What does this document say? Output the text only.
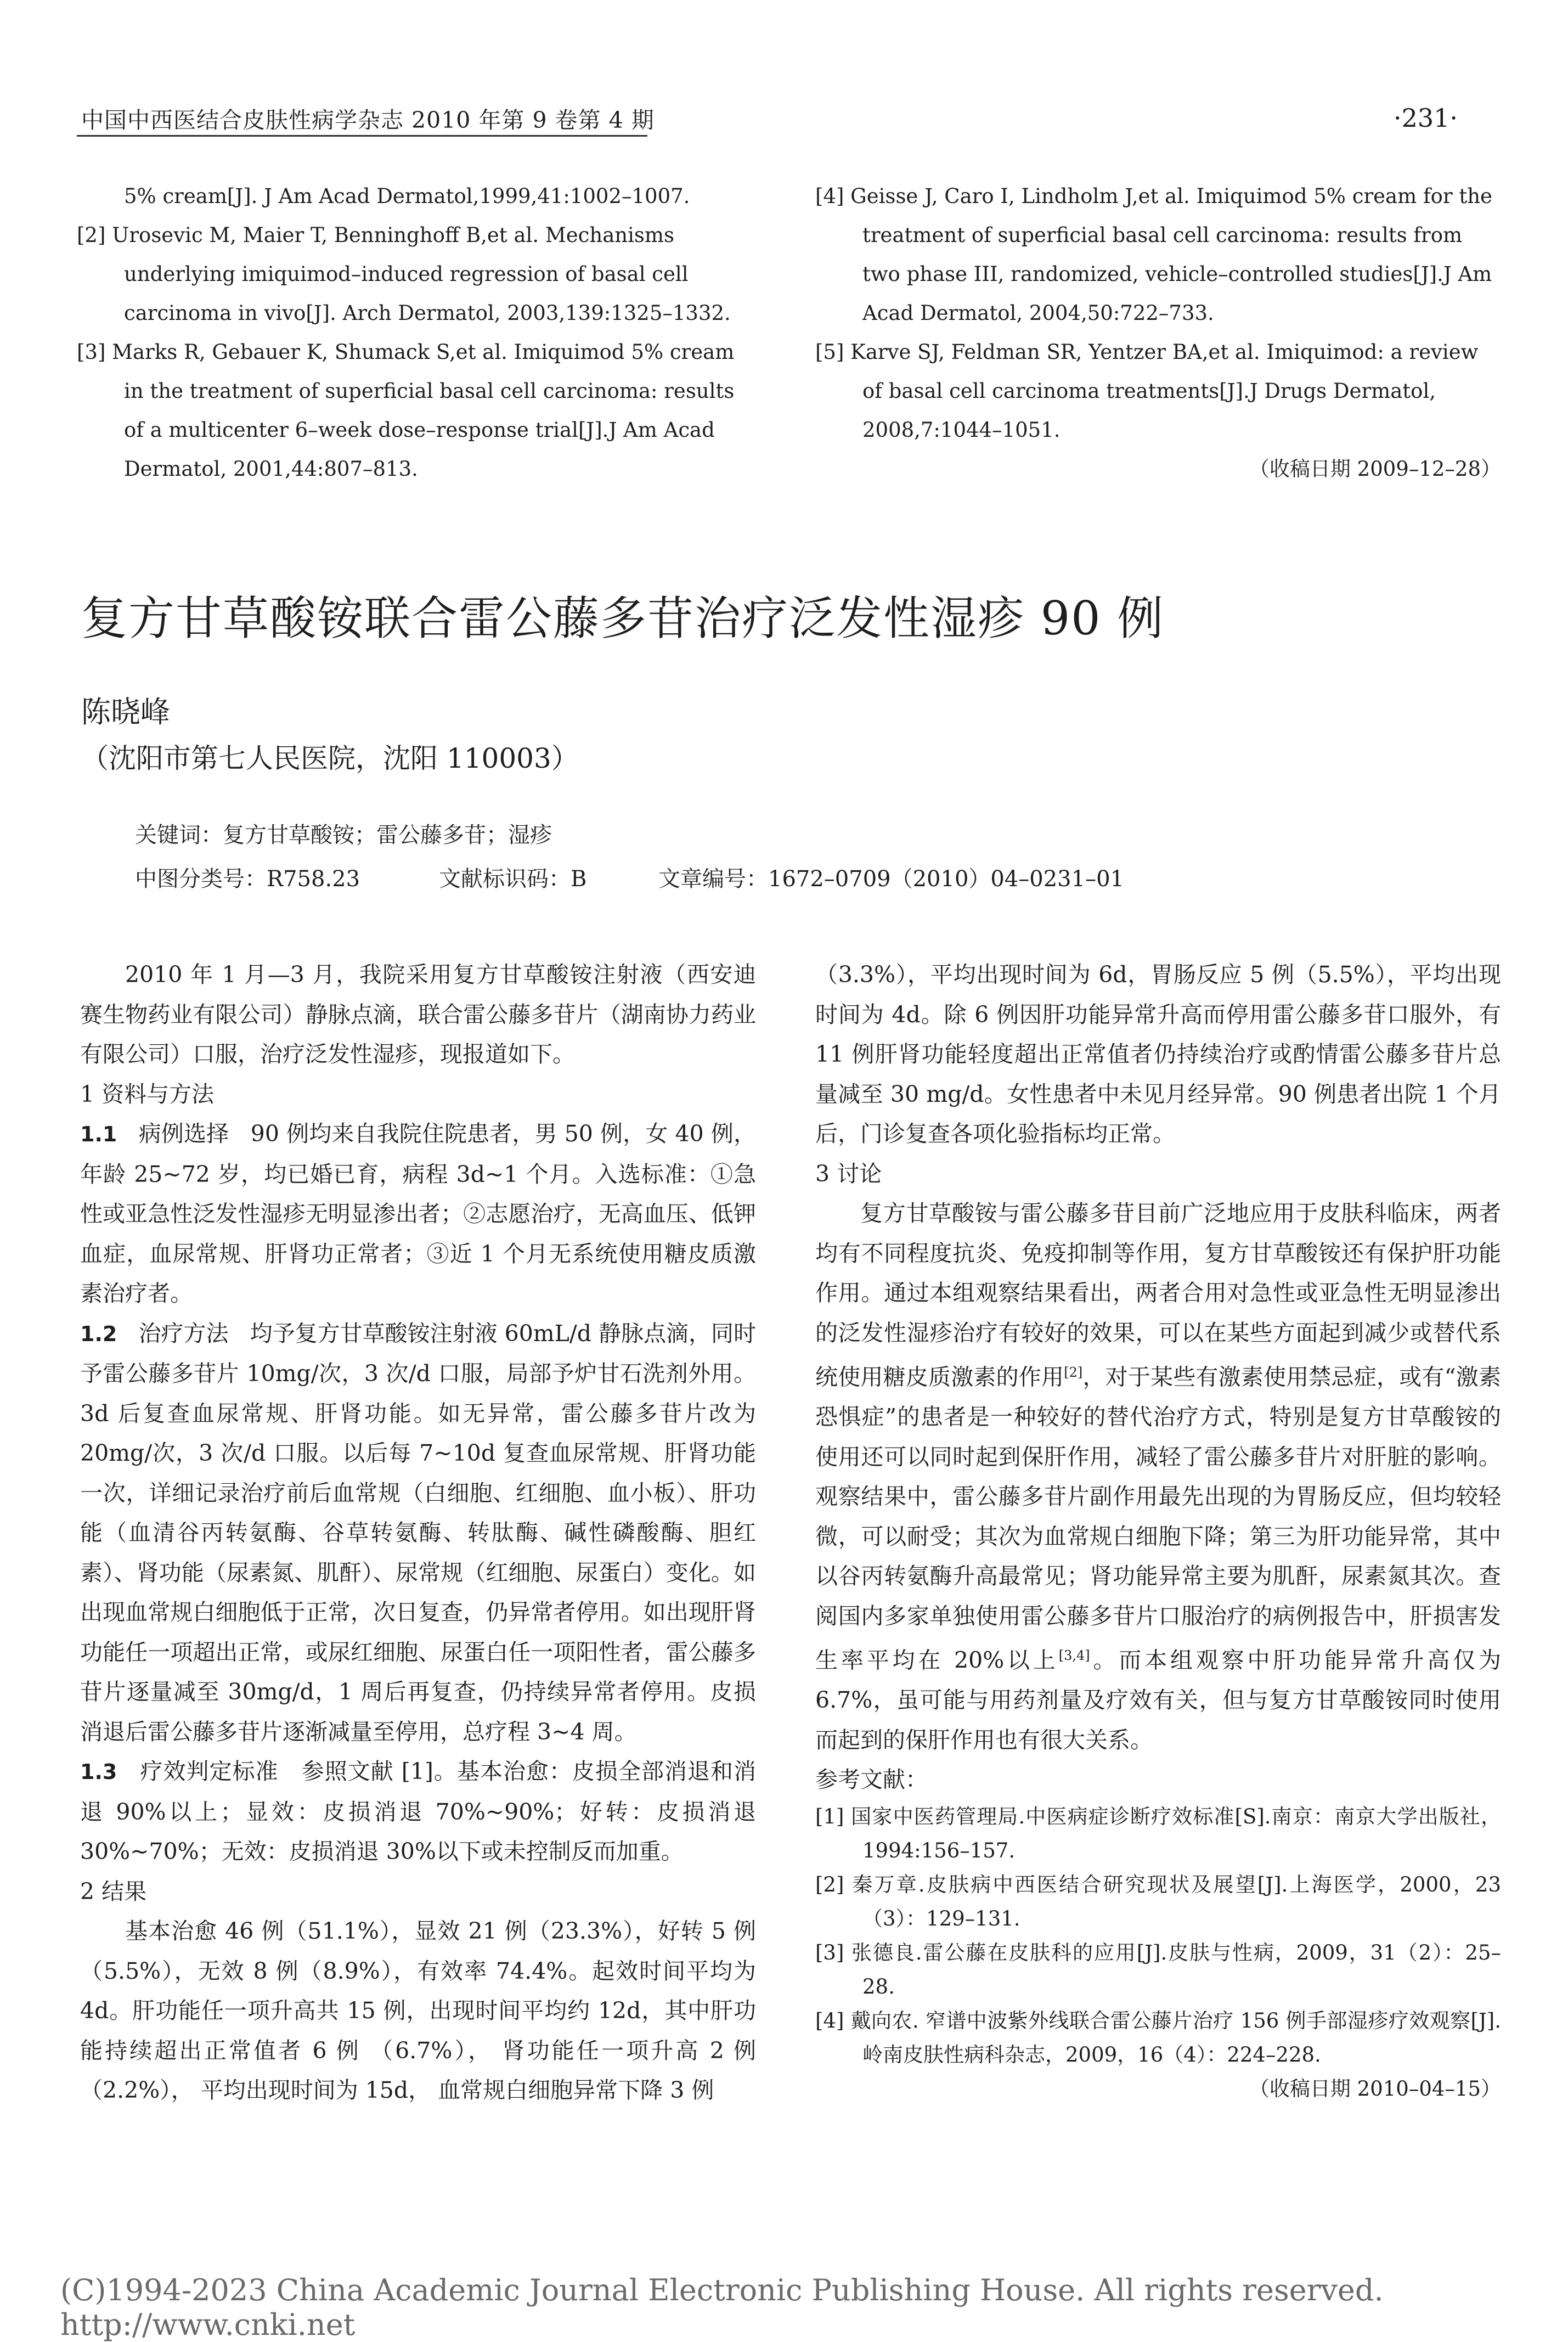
中国中西医结合皮肤性病学杂志 2010 年第 9 卷第 4 期	·231·

5% cream[J]. J Am Acad Dermatol,1999,41:1002–1007.

[2] Urosevic M, Maier T, Benninghoff B,et al. Mechanisms underlying imiquimod–induced regression of basal cell carcinoma in vivo[J]. Arch Dermatol, 2003,139:1325–1332.

[3] Marks R, Gebauer K, Shumack S,et al. Imiquimod 5% cream in the treatment of superficial basal cell carcinoma: results of a multicenter 6–week dose–response trial[J].J Am Acad Dermatol, 2001,44:807–813.

[4] Geisse J, Caro I, Lindholm J,et al. Imiquimod 5% cream for the treatment of superficial basal cell carcinoma: results from two phase III, randomized, vehicle–controlled studies[J].J Am Acad Dermatol, 2004,50:722–733.

[5] Karve SJ, Feldman SR, Yentzer BA,et al. Imiquimod: a review of basal cell carcinoma treatments[J].J Drugs Dermatol, 2008,7:1044–1051.

（收稿日期 2009–12–28）
复方甘草酸铵联合雷公藤多苷治疗泛发性湿疹 90 例
陈晓峰
（沈阳市第七人民医院，沈阳 110003）
关键词：复方甘草酸铵；雷公藤多苷；湿疹
中图分类号：R758.23	文献标识码：B	文章编号：1672–0709（2010）04–0231–01

2010 年 1 月—3 月，我院采用复方甘草酸铵注射液（西安迪赛生物药业有限公司）静脉点滴，联合雷公藤多苷片（湖南协力药业有限公司）口服，治疗泛发性湿疹，现报道如下。

1 资料与方法

1.1 病例选择 90 例均来自我院住院患者，男 50 例，女 40 例，年龄 25~72 岁，均已婚已育，病程 3d~1 个月。入选标准：①急性或亚急性泛发性湿疹无明显渗出者；②志愿治疗，无高血压、低钾血症，血尿常规、肝肾功正常者；③近 1 个月无系统使用糖皮质激素治疗者。

1.2 治疗方法 均予复方甘草酸铵注射液 60mL/d 静脉点滴，同时予雷公藤多苷片 10mg/次，3 次/d 口服，局部予炉甘石洗剂外用。3d 后复查血尿常规、肝肾功能。如无异常，雷公藤多苷片改为 20mg/次，3 次/d 口服。以后每 7~10d 复查血尿常规、肝肾功能一次，详细记录治疗前后血常规（白细胞、红细胞、血小板）、肝功能（血清谷丙转氨酶、谷草转氨酶、转肽酶、碱性磷酸酶、胆红素）、肾功能（尿素氮、肌酐）、尿常规（红细胞、尿蛋白）变化。如出现血常规白细胞低于正常，次日复查，仍异常者停用。如出现肝肾功能任一项超出正常，或尿红细胞、尿蛋白任一项阳性者，雷公藤多苷片逐量减至 30mg/d，1 周后再复查，仍持续异常者停用。皮损消退后雷公藤多苷片逐渐减量至停用，总疗程 3~4 周。

1.3 疗效判定标准 参照文献 [1]。基本治愈：皮损全部消退和消退 90%以上；显效：皮损消退 70%~90%；好转：皮损消退 30%~70%；无效：皮损消退 30%以下或未控制反而加重。

2 结果

基本治愈 46 例（51.1%），显效 21 例（23.3%），好转 5 例（5.5%），无效 8 例（8.9%），有效率 74.4%。起效时间平均为 4d。肝功能任一项升高共 15 例，出现时间平均约 12d，其中肝功能持续超出正常值者 6 例 （6.7%）， 肾功能任一项升高 2 例（2.2%）， 平均出现时间为 15d， 血常规白细胞异常下降 3 例

（3.3%），平均出现时间为 6d，胃肠反应 5 例（5.5%），平均出现时间为 4d。除 6 例因肝功能异常升高而停用雷公藤多苷口服外，有 11 例肝肾功能轻度超出正常值者仍持续治疗或酌情雷公藤多苷片总量减至 30 mg/d。女性患者中未见月经异常。90 例患者出院 1 个月后，门诊复查各项化验指标均正常。

3 讨论

复方甘草酸铵与雷公藤多苷目前广泛地应用于皮肤科临床，两者均有不同程度抗炎、免疫抑制等作用，复方甘草酸铵还有保护肝功能作用。通过本组观察结果看出，两者合用对急性或亚急性无明显渗出的泛发性湿疹治疗有较好的效果，可以在某些方面起到减少或替代系统使用糖皮质激素的作用[2]，对于某些有激素使用禁忌症，或有“激素恐惧症”的患者是一种较好的替代治疗方式，特别是复方甘草酸铵的使用还可以同时起到保肝作用，减轻了雷公藤多苷片对肝脏的影响。观察结果中，雷公藤多苷片副作用最先出现的为胃肠反应，但均较轻微，可以耐受；其次为血常规白细胞下降；第三为肝功能异常，其中以谷丙转氨酶升高最常见；肾功能异常主要为肌酐，尿素氮其次。查阅国内多家单独使用雷公藤多苷片口服治疗的病例报告中，肝损害发生率平均在 20%以上[3,4]。而本组观察中肝功能异常升高仅为 6.7%，虽可能与用药剂量及疗效有关，但与复方甘草酸铵同时使用而起到的保肝作用也有很大关系。

参考文献：

[1] 国家中医药管理局.中医病症诊断疗效标准[S].南京：南京大学出版社，1994:156–157.

[2] 秦万章.皮肤病中西医结合研究现状及展望[J].上海医学，2000，23（3）：129–131.

[3] 张德良.雷公藤在皮肤科的应用[J].皮肤与性病，2009，31（2）：25–28.

[4] 戴向农. 窄谱中波紫外线联合雷公藤片治疗 156 例手部湿疹疗效观察[J].岭南皮肤性病科杂志，2009，16（4）：224–228.

（收稿日期 2010–04–15）
(C)1994-2023 China Academic Journal Electronic Publishing House. All rights reserved. http://www.cnki.net
